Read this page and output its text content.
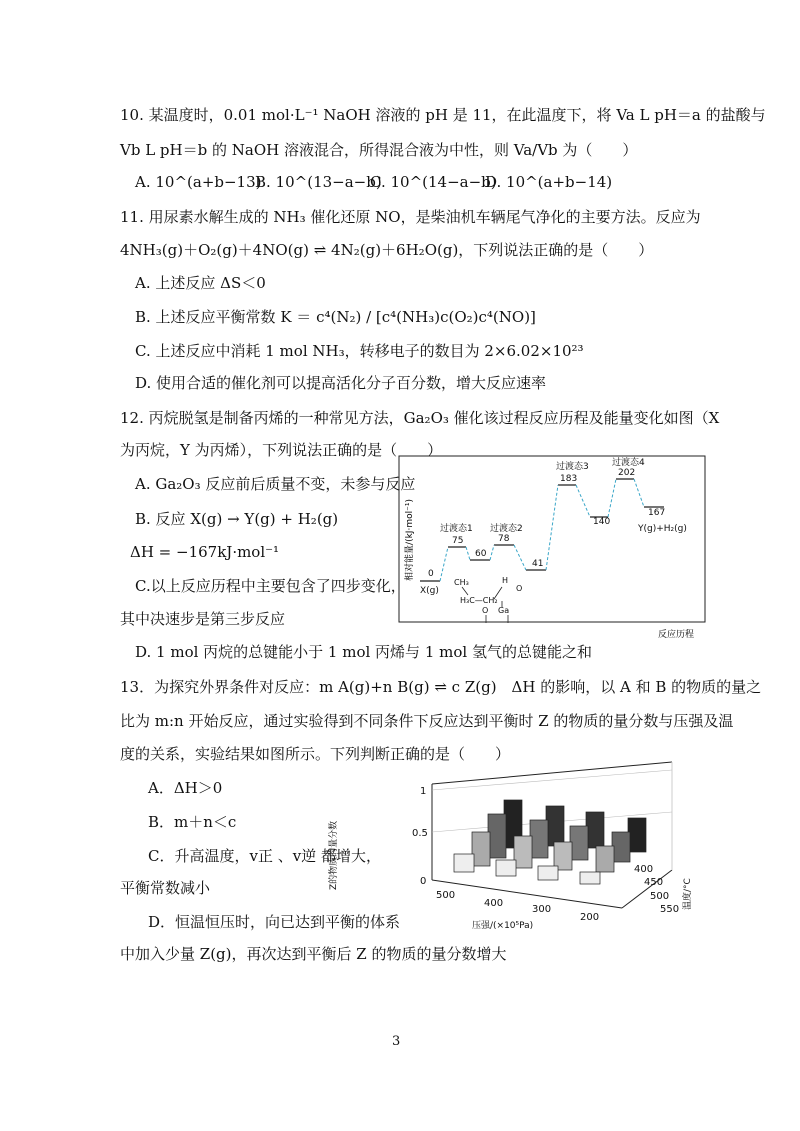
10. 某温度时，0.01 mol·L⁻¹ NaOH 溶液的 pH 是 11，在此温度下，将 Va L pH＝a 的盐酸与
Vb L pH＝b 的 NaOH 溶液混合，所得混合液为中性，则 Va/Vb 为（　　）
A. 10^(a+b−13)
B. 10^(13−a−b)
C. 10^(14−a−b)
D. 10^(a+b−14)
11. 用尿素水解生成的 NH₃ 催化还原 NO，是柴油机车辆尾气净化的主要方法。反应为
4NH₃(g)＋O₂(g)＋4NO(g) ⇌ 4N₂(g)＋6H₂O(g)，下列说法正确的是（　　）
A. 上述反应 ΔS＜0
B. 上述反应平衡常数 K ＝ c⁴(N₂) / [c⁴(NH₃)c(O₂)c⁴(NO)]
C. 上述反应中消耗 1 mol NH₃，转移电子的数目为 2×6.02×10²³
D. 使用合适的催化剂可以提高活化分子百分数，增大反应速率
12. 丙烷脱氢是制备丙烯的一种常见方法，Ga₂O₃ 催化该过程反应历程及能量变化如图（X
为丙烷，Y 为丙烯），下列说法正确的是（　　）
A. Ga₂O₃ 反应前后质量不变，未参与反应
B. 反应 X(g) → Y(g) + H₂(g)
ΔH = −167kJ·mol⁻¹
C.以上反应历程中主要包含了四步变化，
其中决速步是第三步反应
D. 1 mol 丙烷的总键能小于 1 mol 丙烯与 1 mol 氢气的总键能之和
相对能量/(kJ·mol⁻¹) 0
75
60
78
41
183
140
202
167
X(g)
过渡态1 过渡态2
过渡态3	过渡态4
Y(g)+H₂(g)
CH₃
H₃C—CH₂
H
O
Ga
O
反应历程
13．为探究外界条件对反应：m A(g)+n B(g) ⇌ c Z(g)　ΔH 的影响，以 A 和 B 的物质的量之
比为 m:n 开始反应，通过实验得到不同条件下反应达到平衡时 Z 的物质的量分数与压强及温
度的关系，实验结果如图所示。下列判断正确的是（　　）
A．ΔH＞0
B．m＋n＜c
C．升高温度，v正 、v逆 都增大，
平衡常数减小
D．恒温恒压时，向已达到平衡的体系
中加入少量 Z(g)，再次达到平衡后 Z 的物质的量分数增大
Z的物质的量分数	0
0.5
1
500
400
300
200
400
450
500
550
压强/(×10⁵Pa)
温度/°C
3
